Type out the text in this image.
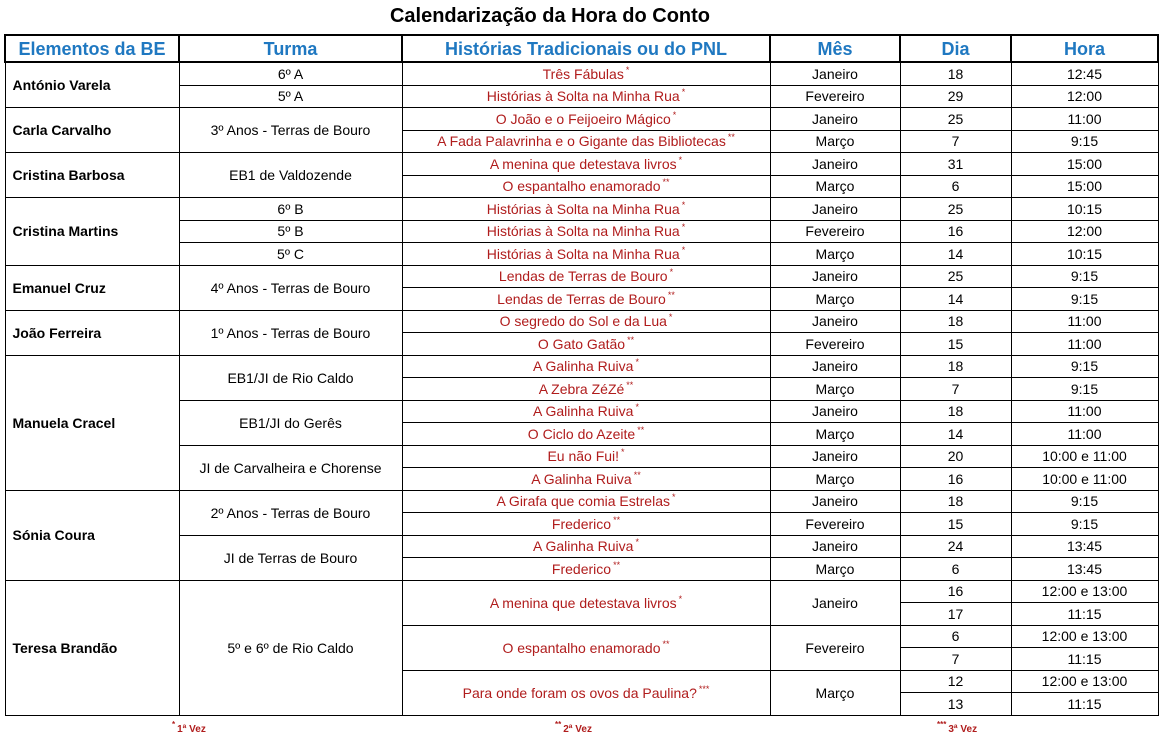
Calendarização da Hora do Conto
Elementos da BE	Turma	Histórias Tradicionais ou do PNL	Mês	Dia	Hora
António Varela	6º A	Três Fábulas *	Janeiro	18	12:45
	5º A	Histórias à Solta na Minha Rua *	Fevereiro	29	12:00
Carla Carvalho	3º Anos - Terras de Bouro	O João e o Feijoeiro Mágico *	Janeiro	25	11:00
		A Fada Palavrinha e o Gigante das Bibliotecas **	Março	7	9:15
Cristina Barbosa	EB1 de Valdozende	A menina que detestava livros *	Janeiro	31	15:00
		O espantalho enamorado **	Março	6	15:00
Cristina Martins	6º B	Histórias à Solta na Minha Rua *	Janeiro	25	10:15
	5º B	Histórias à Solta na Minha Rua *	Fevereiro	16	12:00
	5º C	Histórias à Solta na Minha Rua *	Março	14	10:15
Emanuel Cruz	4º Anos - Terras de Bouro	Lendas de Terras de Bouro *	Janeiro	25	9:15
		Lendas de Terras de Bouro **	Março	14	9:15
João Ferreira	1º Anos - Terras de Bouro	O segredo do Sol e da Lua *	Janeiro	18	11:00
		O Gato Gatão **	Fevereiro	15	11:00
Manuela Cracel	EB1/JI de Rio Caldo	A Galinha Ruiva *	Janeiro	18	9:15
		A Zebra ZéZé **	Março	7	9:15
	EB1/JI do Gerês	A Galinha Ruiva *	Janeiro	18	11:00
		O Ciclo do Azeite **	Março	14	11:00
	JI de Carvalheira e Chorense	Eu não Fui! *	Janeiro	20	10:00 e 11:00
		A Galinha Ruiva **	Março	16	10:00 e 11:00
Sónia Coura	2º Anos - Terras de Bouro	A Girafa que comia Estrelas *	Janeiro	18	9:15
		Frederico **	Fevereiro	15	9:15
	JI de Terras de Bouro	A Galinha Ruiva *	Janeiro	24	13:45
		Frederico **	Março	6	13:45
Teresa Brandão	5º e 6º de Rio Caldo	A menina que detestava livros *	Janeiro	16	12:00 e 13:00
				17	11:15
		O espantalho enamorado **	Fevereiro	6	12:00 e 13:00
				7	11:15
		Para onde foram os ovos da Paulina? ***	Março	12	12:00 e 13:00
				13	11:15
* 1ª Vez	** 2ª Vez	*** 3ª Vez
